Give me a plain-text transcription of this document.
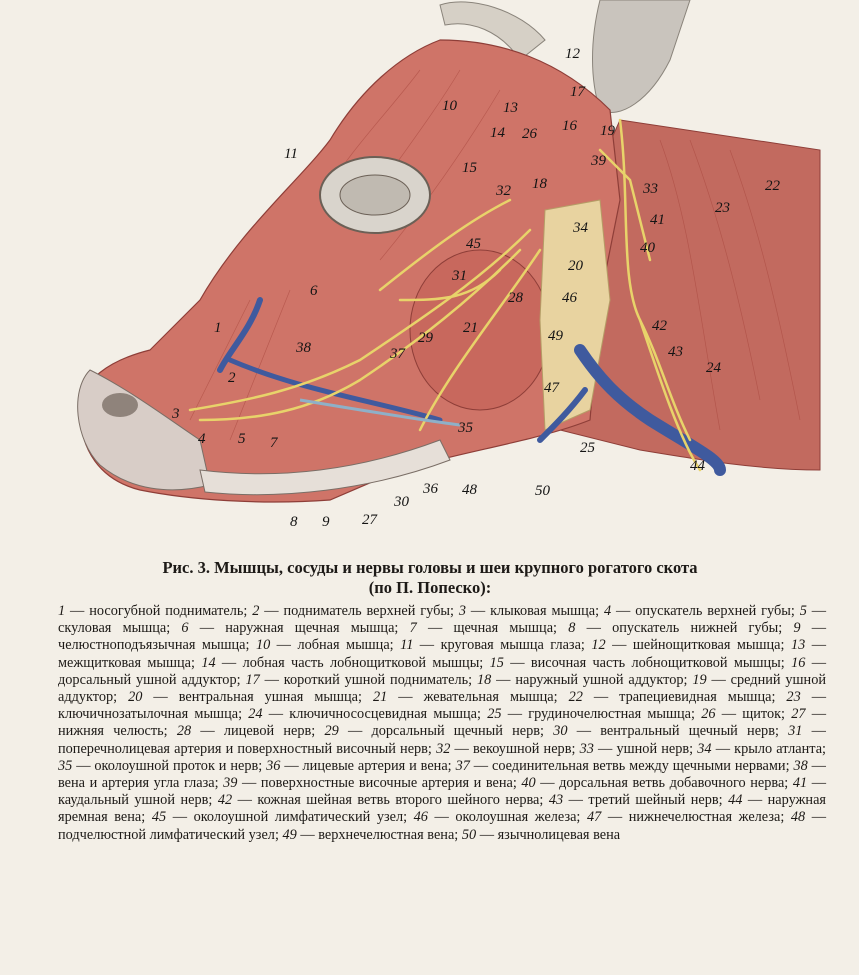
1
2
3
4 5
6
7
8 9
10
11
12
13
14
15
16
17
18
19
20
21
22
23
24
25
26
27
28
29
30
31
32	33
34
35
36
37
38
39
40
41
42
43
44
45
46
47
48
49
50
Рис. 3. Мышцы, сосуды и нервы головы и шеи крупного рогатого скота
(по П. Попеско):
1 — носогубной подниматель; 2 — подниматель верхней губы; 3 — клыковая мышца; 4 — опускатель верхней губы; 5 — скуловая мышца; 6 — наружная щечная мышца; 7 — щечная мышца; 8 — опускатель нижней губы; 9 — челюстноподъязычная мышца; 10 — лобная мышца; 11 — круговая мышца глаза; 12 — шейнощитковая мышца; 13 — межщитковая мышца; 14 — лобная часть лобнощитковой мышцы; 15 — височная часть лобнощитковой мышцы; 16 — дорсальный ушной аддуктор; 17 — короткий ушной подниматель; 18 — наружный ушной аддуктор; 19 — средний ушной аддуктор; 20 — вентральная ушная мышца; 21 — жевательная мышца; 22 — трапециевидная мышца; 23 — ключичнозатылочная мышца; 24 — ключичнососцевидная мышца; 25 — грудиночелюстная мышца; 26 — щиток; 27 — нижняя челюсть; 28 — лицевой нерв; 29 — дорсальный щечный нерв; 30 — вентральный щечный нерв; 31 — поперечнолицевая артерия и поверхностный височный нерв; 32 — векоушной нерв; 33 — ушной нерв; 34 — крыло атланта; 35 — околоушной проток и нерв; 36 — лицевые артерия и вена; 37 — соединительная ветвь между щечными нервами; 38 — вена и артерия угла глаза; 39 — поверхностные височные артерия и вена; 40 — дорсальная ветвь добавочного нерва; 41 — каудальный ушной нерв; 42 — кожная шейная ветвь второго шейного нерва; 43 — третий шейный нерв; 44 — наружная яремная вена; 45 — околоушной лимфатический узел; 46 — околоушная железа; 47 — нижнечелюстная железа; 48 — подчелюстной лимфатический узел; 49 — верхнечелюстная вена; 50 — язычнолицевая вена
